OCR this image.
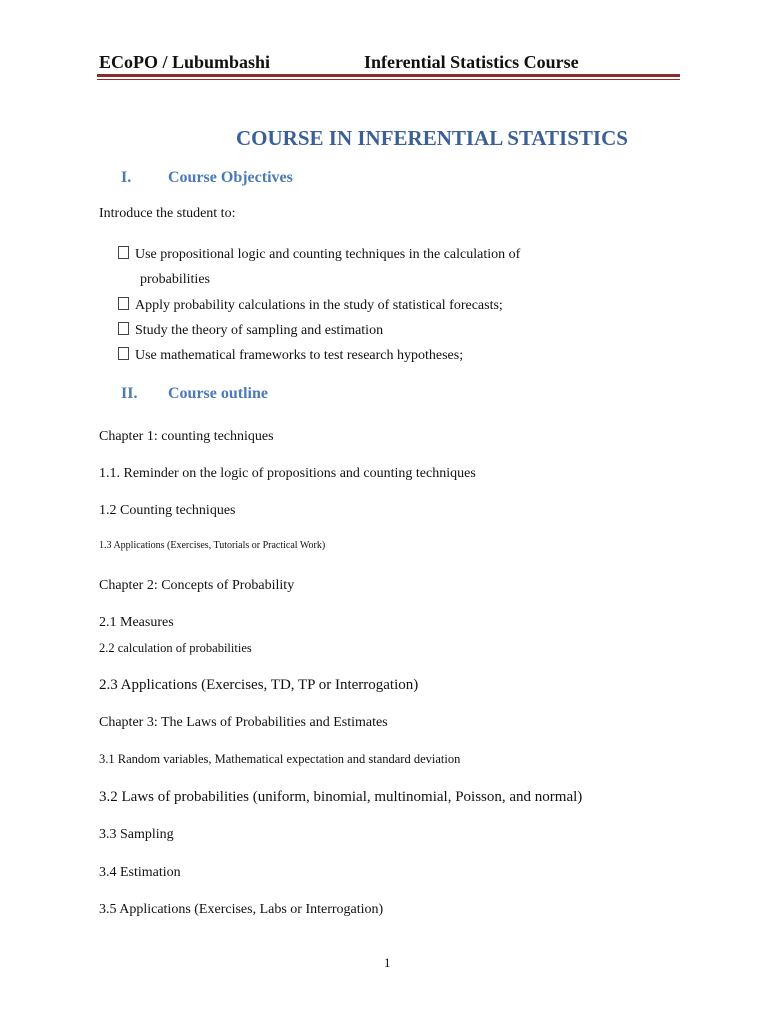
ECoPO / Lubumbashi	Inferential Statistics Course
COURSE IN INFERENTIAL STATISTICS
I. Course Objectives
Introduce the student to:
Use propositional logic and counting techniques in the calculation of
probabilities
Apply probability calculations in the study of statistical forecasts;
Study the theory of sampling and estimation
Use mathematical frameworks to test research hypotheses;
II. Course outline
Chapter 1: counting techniques
1.1. Reminder on the logic of propositions and counting techniques
1.2 Counting techniques
1.3 Applications (Exercises, Tutorials or Practical Work)
Chapter 2: Concepts of Probability
2.1 Measures
2.2 calculation of probabilities
2.3 Applications (Exercises, TD, TP or Interrogation)
Chapter 3: The Laws of Probabilities and Estimates
3.1 Random variables, Mathematical expectation and standard deviation
3.2 Laws of probabilities (uniform, binomial, multinomial, Poisson, and normal)
3.3 Sampling
3.4 Estimation
3.5 Applications (Exercises, Labs or Interrogation)
1
